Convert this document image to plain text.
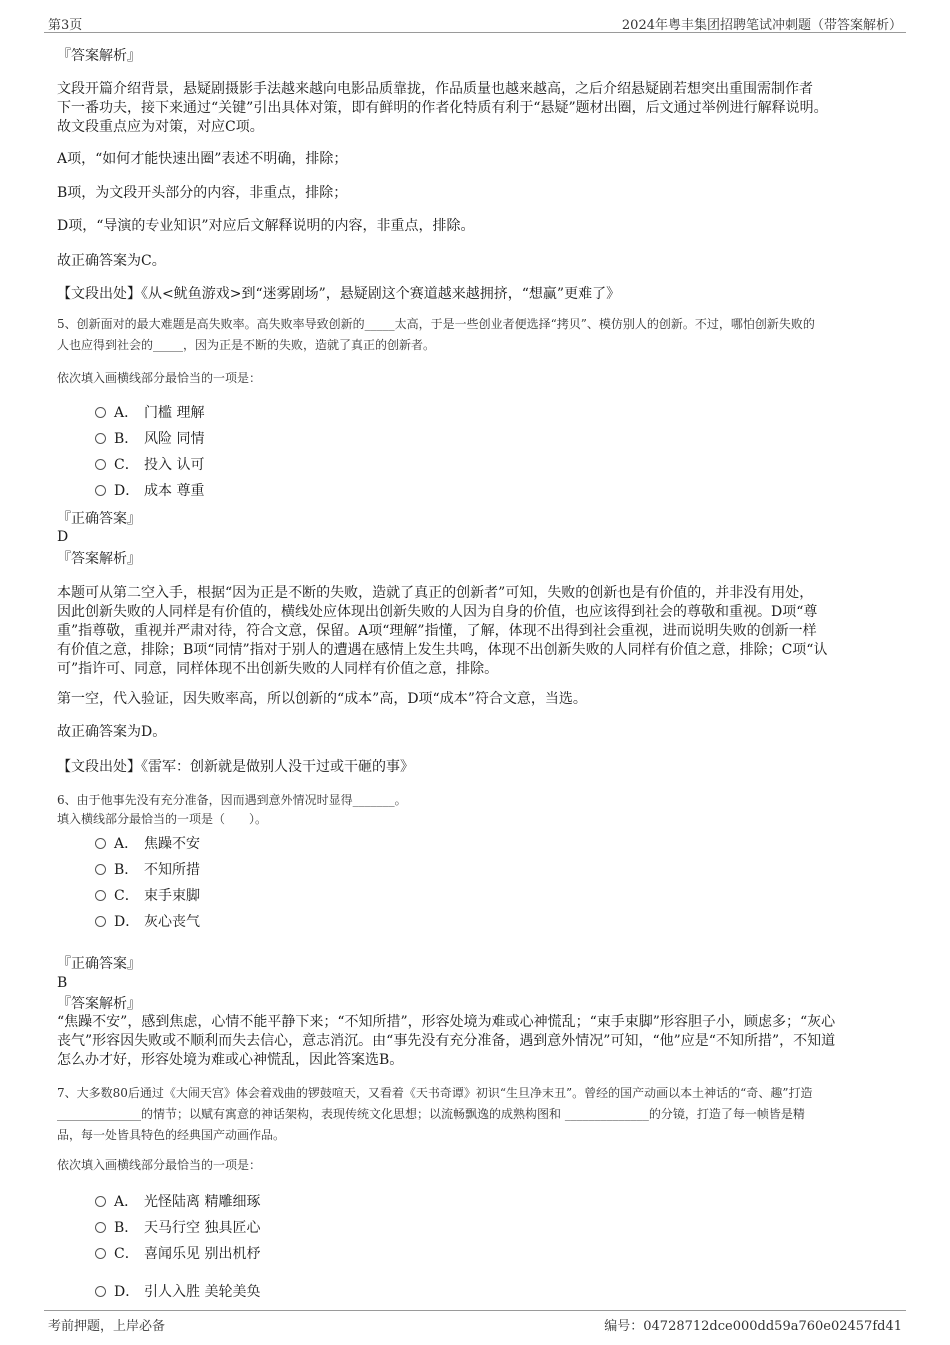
第3页	2024年粤丰集团招聘笔试冲刺题（带答案解析）
『答案解析』
文段开篇介绍背景，悬疑剧摄影手法越来越向电影品质靠拢，作品质量也越来越高，之后介绍悬疑剧若想突出重围需制作者
下一番功夫，接下来通过“关键”引出具体对策，即有鲜明的作者化特质有利于“悬疑”题材出圈，后文通过举例进行解释说明。
故文段重点应为对策，对应C项。
A项，“如何才能快速出圈”表述不明确，排除；
B项，为文段开头部分的内容，非重点，排除；
D项，“导演的专业知识”对应后文解释说明的内容，非重点，排除。
故正确答案为C。
【文段出处】《从<鱿鱼游戏>到“迷雾剧场”，悬疑剧这个赛道越来越拥挤，“想赢”更难了》
5、创新面对的最大难题是高失败率。高失败率导致创新的_____太高，于是一些创业者便选择“拷贝”、模仿别人的创新。不过，哪怕创新失败的
人也应得到社会的_____，因为正是不断的失败，造就了真正的创新者。
依次填入画横线部分最恰当的一项是：
A． 门槛 理解
B． 风险 同情
C． 投入 认可
D． 成本 尊重
『正确答案』
D
『答案解析』
本题可从第二空入手，根据“因为正是不断的失败，造就了真正的创新者”可知，失败的创新也是有价值的，并非没有用处，
因此创新失败的人同样是有价值的，横线处应体现出创新失败的人因为自身的价值，也应该得到社会的尊敬和重视。D项“尊
重”指尊敬，重视并严肃对待，符合文意，保留。A项“理解”指懂，了解，体现不出得到社会重视，进而说明失败的创新一样
有价值之意，排除；B项“同情”指对于别人的遭遇在感情上发生共鸣，体现不出创新失败的人同样有价值之意，排除；C项“认
可”指许可、同意，同样体现不出创新失败的人同样有价值之意，排除。
第一空，代入验证，因失败率高，所以创新的“成本”高，D项“成本”符合文意，当选。
故正确答案为D。
【文段出处】《雷军：创新就是做别人没干过或干砸的事》
6、由于他事先没有充分准备，因而遇到意外情况时显得_______。
填入横线部分最恰当的一项是（　　）。
A． 焦躁不安
B． 不知所措
C． 束手束脚
D． 灰心丧气
『正确答案』
B
『答案解析』
“焦躁不安”，感到焦虑，心情不能平静下来；“不知所措”，形容处境为难或心神慌乱；“束手束脚”形容胆子小，顾虑多；“灰心
丧气”形容因失败或不顺利而失去信心，意志消沉。由“事先没有充分准备，遇到意外情况”可知，“他”应是“不知所措”，不知道
怎么办才好，形容处境为难或心神慌乱，因此答案选B。
7、大多数80后通过《大闹天宫》体会着戏曲的锣鼓喧天，又看着《天书奇谭》初识“生旦净末丑”。曾经的国产动画以本土神话的“奇、趣”打造
______________的情节；以赋有寓意的神话架构，表现传统文化思想；以流畅飘逸的成熟构图和 ______________的分镜，打造了每一帧皆是精
品，每一处皆具特色的经典国产动画作品。
依次填入画横线部分最恰当的一项是：
A． 光怪陆离 精雕细琢
B． 天马行空 独具匠心
C． 喜闻乐见 别出机杼
D． 引人入胜 美轮美奂
考前押题，上岸必备	编号：04728712dce000dd59a760e02457fd41
